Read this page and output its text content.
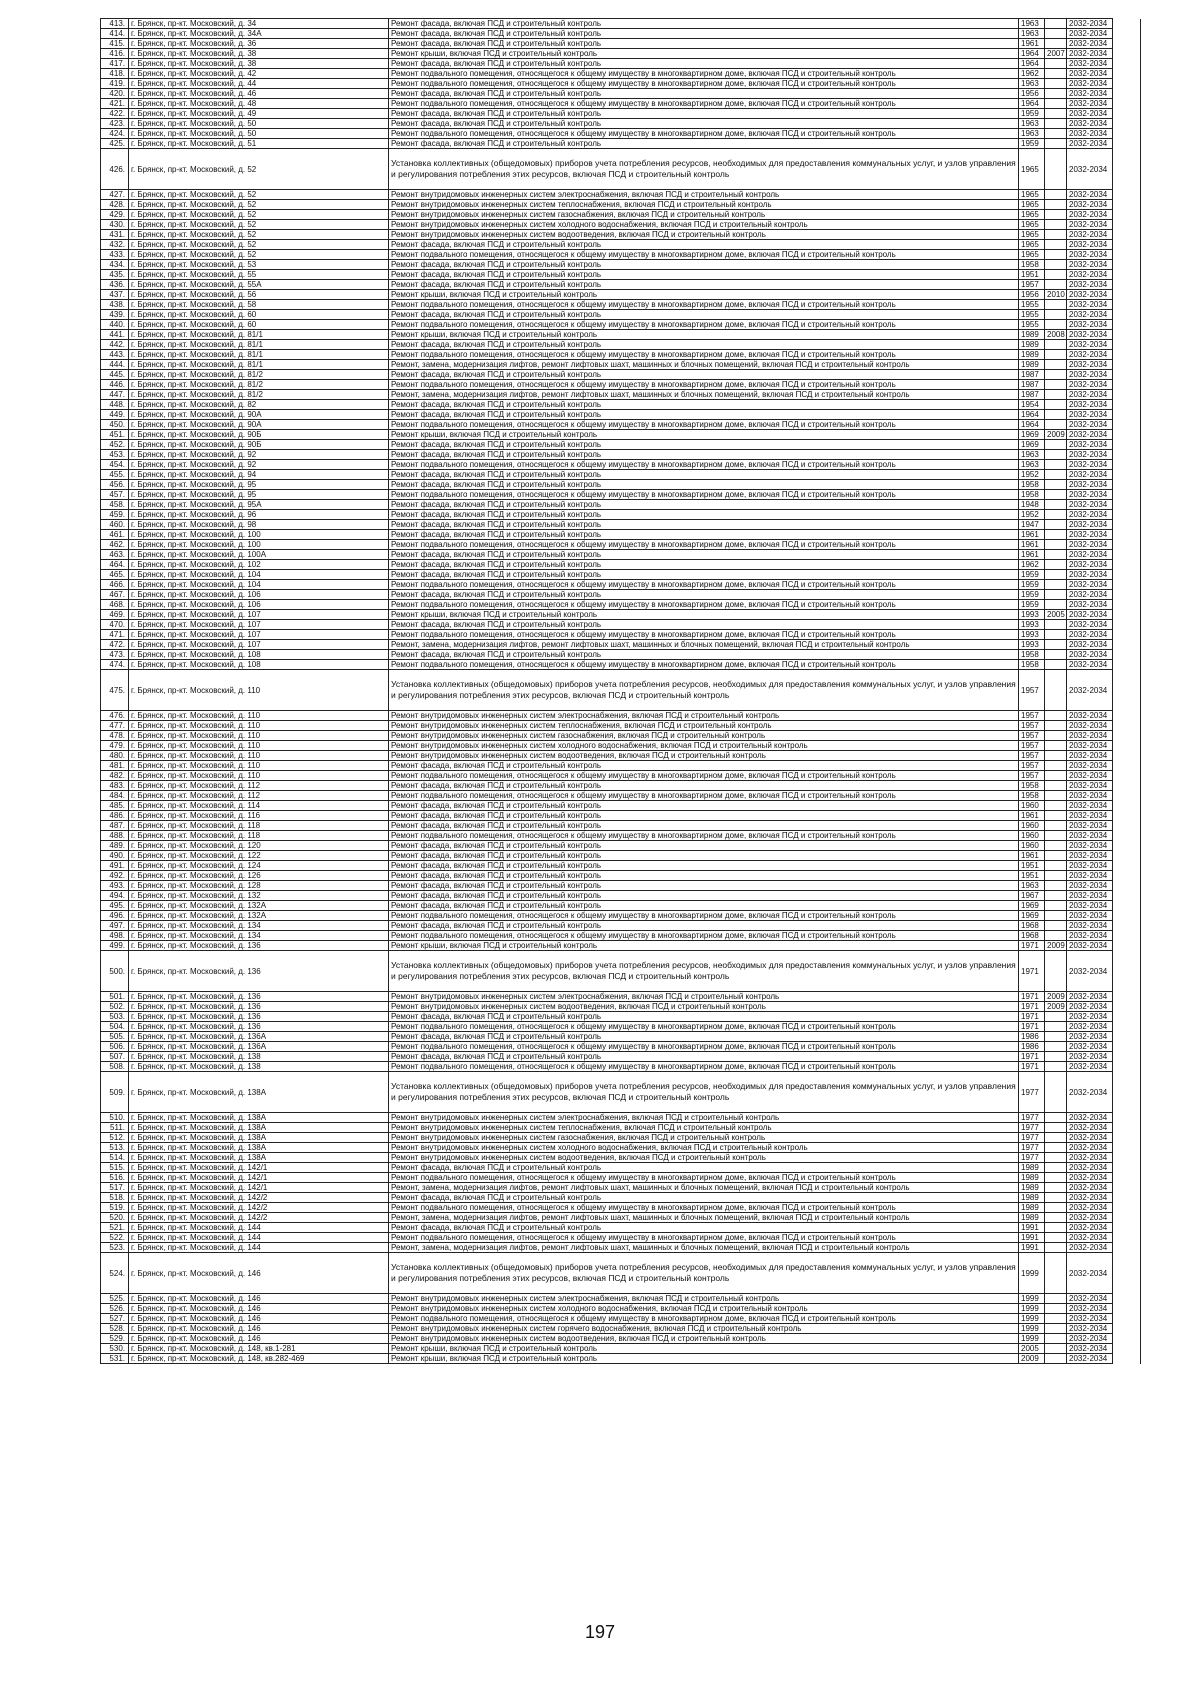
413.	г. Брянск, пр-кт. Московский, д. 34	Ремонт фасада, включая ПСД и строительный контроль	1963		2032-2034	
414.	г. Брянск, пр-кт. Московский, д. 34А	Ремонт фасада, включая ПСД и строительный контроль	1963		2032-2034	
415.	г. Брянск, пр-кт. Московский, д. 36	Ремонт фасада, включая ПСД и строительный контроль	1961		2032-2034	
416.	г. Брянск, пр-кт. Московский, д. 38	Ремонт крыши, включая ПСД и строительный контроль	1964	2007	2032-2034	
417.	г. Брянск, пр-кт. Московский, д. 38	Ремонт фасада, включая ПСД и строительный контроль	1964		2032-2034	
418.	г. Брянск, пр-кт. Московский, д. 42	Ремонт подвального помещения, относящегося к общему имуществу в многоквартирном доме, включая ПСД и строительный контроль	1962		2032-2034	
419.	г. Брянск, пр-кт. Московский, д. 44	Ремонт подвального помещения, относящегося к общему имуществу в многоквартирном доме, включая ПСД и строительный контроль	1963		2032-2034	
420.	г. Брянск, пр-кт. Московский, д. 46	Ремонт фасада, включая ПСД и строительный контроль	1956		2032-2034	
421.	г. Брянск, пр-кт. Московский, д. 48	Ремонт подвального помещения, относящегося к общему имуществу в многоквартирном доме, включая ПСД и строительный контроль	1964		2032-2034	
422.	г. Брянск, пр-кт. Московский, д. 49	Ремонт фасада, включая ПСД и строительный контроль	1959		2032-2034	
423.	г. Брянск, пр-кт. Московский, д. 50	Ремонт фасада, включая ПСД и строительный контроль	1963		2032-2034	
424.	г. Брянск, пр-кт. Московский, д. 50	Ремонт подвального помещения, относящегося к общему имуществу в многоквартирном доме, включая ПСД и строительный контроль	1963		2032-2034	
425.	г. Брянск, пр-кт. Московский, д. 51	Ремонт фасада, включая ПСД и строительный контроль	1959		2032-2034	
426.	г. Брянск, пр-кт. Московский, д. 52	Установка коллективных (общедомовых) приборов учета потребления ресурсов, необходимых для предоставления коммунальных услуг, и узлов управления и регулирования потребления этих ресурсов, включая ПСД и строительный контроль	1965		2032-2034	
427.	г. Брянск, пр-кт. Московский, д. 52	Ремонт внутридомовых инженерных систем электроснабжения, включая ПСД и строительный контроль	1965		2032-2034	
428.	г. Брянск, пр-кт. Московский, д. 52	Ремонт внутридомовых инженерных систем теплоснабжения, включая ПСД и строительный контроль	1965		2032-2034	
429.	г. Брянск, пр-кт. Московский, д. 52	Ремонт внутридомовых инженерных систем газоснабжения, включая ПСД и строительный контроль	1965		2032-2034	
430.	г. Брянск, пр-кт. Московский, д. 52	Ремонт внутридомовых инженерных систем холодного водоснабжения, включая ПСД и строительный контроль	1965		2032-2034	
431.	г. Брянск, пр-кт. Московский, д. 52	Ремонт внутридомовых инженерных систем водоотведения, включая ПСД и строительный контроль	1965		2032-2034	
432.	г. Брянск, пр-кт. Московский, д. 52	Ремонт фасада, включая ПСД и строительный контроль	1965		2032-2034	
433.	г. Брянск, пр-кт. Московский, д. 52	Ремонт подвального помещения, относящегося к общему имуществу в многоквартирном доме, включая ПСД и строительный контроль	1965		2032-2034	
434.	г. Брянск, пр-кт. Московский, д. 53	Ремонт фасада, включая ПСД и строительный контроль	1958		2032-2034	
435.	г. Брянск, пр-кт. Московский, д. 55	Ремонт фасада, включая ПСД и строительный контроль	1951		2032-2034	
436.	г. Брянск, пр-кт. Московский, д. 55А	Ремонт фасада, включая ПСД и строительный контроль	1957		2032-2034	
437.	г. Брянск, пр-кт. Московский, д. 56	Ремонт крыши, включая ПСД и строительный контроль	1956	2010	2032-2034	
438.	г. Брянск, пр-кт. Московский, д. 58	Ремонт подвального помещения, относящегося к общему имуществу в многоквартирном доме, включая ПСД и строительный контроль	1955		2032-2034	
439.	г. Брянск, пр-кт. Московский, д. 60	Ремонт фасада, включая ПСД и строительный контроль	1955		2032-2034	
440.	г. Брянск, пр-кт. Московский, д. 60	Ремонт подвального помещения, относящегося к общему имуществу в многоквартирном доме, включая ПСД и строительный контроль	1955		2032-2034	
441.	г. Брянск, пр-кт. Московский, д. 81/1	Ремонт крыши, включая ПСД и строительный контроль	1989	2008	2032-2034	
442.	г. Брянск, пр-кт. Московский, д. 81/1	Ремонт фасада, включая ПСД и строительный контроль	1989		2032-2034	
443.	г. Брянск, пр-кт. Московский, д. 81/1	Ремонт подвального помещения, относящегося к общему имуществу в многоквартирном доме, включая ПСД и строительный контроль	1989		2032-2034	
444.	г. Брянск, пр-кт. Московский, д. 81/1	Ремонт, замена, модернизация лифтов, ремонт лифтовых шахт, машинных и блочных помещений, включая ПСД и строительный контроль	1989		2032-2034	
445.	г. Брянск, пр-кт. Московский, д. 81/2	Ремонт фасада, включая ПСД и строительный контроль	1987		2032-2034	
446.	г. Брянск, пр-кт. Московский, д. 81/2	Ремонт подвального помещения, относящегося к общему имуществу в многоквартирном доме, включая ПСД и строительный контроль	1987		2032-2034	
447.	г. Брянск, пр-кт. Московский, д. 81/2	Ремонт, замена, модернизация лифтов, ремонт лифтовых шахт, машинных и блочных помещений, включая ПСД и строительный контроль	1987		2032-2034	
448.	г. Брянск, пр-кт. Московский, д. 82	Ремонт фасада, включая ПСД и строительный контроль	1954		2032-2034	
449.	г. Брянск, пр-кт. Московский, д. 90А	Ремонт фасада, включая ПСД и строительный контроль	1964		2032-2034	
450.	г. Брянск, пр-кт. Московский, д. 90А	Ремонт подвального помещения, относящегося к общему имуществу в многоквартирном доме, включая ПСД и строительный контроль	1964		2032-2034	
451.	г. Брянск, пр-кт. Московский, д. 90Б	Ремонт крыши, включая ПСД и строительный контроль	1969	2009	2032-2034	
452.	г. Брянск, пр-кт. Московский, д. 90Б	Ремонт фасада, включая ПСД и строительный контроль	1969		2032-2034	
453.	г. Брянск, пр-кт. Московский, д. 92	Ремонт фасада, включая ПСД и строительный контроль	1963		2032-2034	
454.	г. Брянск, пр-кт. Московский, д. 92	Ремонт подвального помещения, относящегося к общему имуществу в многоквартирном доме, включая ПСД и строительный контроль	1963		2032-2034	
455.	г. Брянск, пр-кт. Московский, д. 94	Ремонт фасада, включая ПСД и строительный контроль	1952		2032-2034	
456.	г. Брянск, пр-кт. Московский, д. 95	Ремонт фасада, включая ПСД и строительный контроль	1958		2032-2034	
457.	г. Брянск, пр-кт. Московский, д. 95	Ремонт подвального помещения, относящегося к общему имуществу в многоквартирном доме, включая ПСД и строительный контроль	1958		2032-2034	
458.	г. Брянск, пр-кт. Московский, д. 95А	Ремонт фасада, включая ПСД и строительный контроль	1948		2032-2034	
459.	г. Брянск, пр-кт. Московский, д. 96	Ремонт фасада, включая ПСД и строительный контроль	1952		2032-2034	
460.	г. Брянск, пр-кт. Московский, д. 98	Ремонт фасада, включая ПСД и строительный контроль	1947		2032-2034	
461.	г. Брянск, пр-кт. Московский, д. 100	Ремонт фасада, включая ПСД и строительный контроль	1961		2032-2034	
462.	г. Брянск, пр-кт. Московский, д. 100	Ремонт подвального помещения, относящегося к общему имуществу в многоквартирном доме, включая ПСД и строительный контроль	1961		2032-2034	
463.	г. Брянск, пр-кт. Московский, д. 100А	Ремонт фасада, включая ПСД и строительный контроль	1961		2032-2034	
464.	г. Брянск, пр-кт. Московский, д. 102	Ремонт фасада, включая ПСД и строительный контроль	1962		2032-2034	
465.	г. Брянск, пр-кт. Московский, д. 104	Ремонт фасада, включая ПСД и строительный контроль	1959		2032-2034	
466.	г. Брянск, пр-кт. Московский, д. 104	Ремонт подвального помещения, относящегося к общему имуществу в многоквартирном доме, включая ПСД и строительный контроль	1959		2032-2034	
467.	г. Брянск, пр-кт. Московский, д. 106	Ремонт фасада, включая ПСД и строительный контроль	1959		2032-2034	
468.	г. Брянск, пр-кт. Московский, д. 106	Ремонт подвального помещения, относящегося к общему имуществу в многоквартирном доме, включая ПСД и строительный контроль	1959		2032-2034	
469.	г. Брянск, пр-кт. Московский, д. 107	Ремонт крыши, включая ПСД и строительный контроль	1993	2005	2032-2034	
470.	г. Брянск, пр-кт. Московский, д. 107	Ремонт фасада, включая ПСД и строительный контроль	1993		2032-2034	
471.	г. Брянск, пр-кт. Московский, д. 107	Ремонт подвального помещения, относящегося к общему имуществу в многоквартирном доме, включая ПСД и строительный контроль	1993		2032-2034	
472.	г. Брянск, пр-кт. Московский, д. 107	Ремонт, замена, модернизация лифтов, ремонт лифтовых шахт, машинных и блочных помещений, включая ПСД и строительный контроль	1993		2032-2034	
473.	г. Брянск, пр-кт. Московский, д. 108	Ремонт фасада, включая ПСД и строительный контроль	1958		2032-2034	
474.	г. Брянск, пр-кт. Московский, д. 108	Ремонт подвального помещения, относящегося к общему имуществу в многоквартирном доме, включая ПСД и строительный контроль	1958		2032-2034	
475.	г. Брянск, пр-кт. Московский, д. 110	Установка коллективных (общедомовых) приборов учета потребления ресурсов, необходимых для предоставления коммунальных услуг, и узлов управления и регулирования потребления этих ресурсов, включая ПСД и строительный контроль	1957		2032-2034	
476.	г. Брянск, пр-кт. Московский, д. 110	Ремонт внутридомовых инженерных систем электроснабжения, включая ПСД и строительный контроль	1957		2032-2034	
477.	г. Брянск, пр-кт. Московский, д. 110	Ремонт внутридомовых инженерных систем теплоснабжения, включая ПСД и строительный контроль	1957		2032-2034	
478.	г. Брянск, пр-кт. Московский, д. 110	Ремонт внутридомовых инженерных систем газоснабжения, включая ПСД и строительный контроль	1957		2032-2034	
479.	г. Брянск, пр-кт. Московский, д. 110	Ремонт внутридомовых инженерных систем холодного водоснабжения, включая ПСД и строительный контроль	1957		2032-2034	
480.	г. Брянск, пр-кт. Московский, д. 110	Ремонт внутридомовых инженерных систем водоотведения, включая ПСД и строительный контроль	1957		2032-2034	
481.	г. Брянск, пр-кт. Московский, д. 110	Ремонт фасада, включая ПСД и строительный контроль	1957		2032-2034	
482.	г. Брянск, пр-кт. Московский, д. 110	Ремонт подвального помещения, относящегося к общему имуществу в многоквартирном доме, включая ПСД и строительный контроль	1957		2032-2034	
483.	г. Брянск, пр-кт. Московский, д. 112	Ремонт фасада, включая ПСД и строительный контроль	1958		2032-2034	
484.	г. Брянск, пр-кт. Московский, д. 112	Ремонт подвального помещения, относящегося к общему имуществу в многоквартирном доме, включая ПСД и строительный контроль	1958		2032-2034	
485.	г. Брянск, пр-кт. Московский, д. 114	Ремонт фасада, включая ПСД и строительный контроль	1960		2032-2034	
486.	г. Брянск, пр-кт. Московский, д. 116	Ремонт фасада, включая ПСД и строительный контроль	1961		2032-2034	
487.	г. Брянск, пр-кт. Московский, д. 118	Ремонт фасада, включая ПСД и строительный контроль	1960		2032-2034	
488.	г. Брянск, пр-кт. Московский, д. 118	Ремонт подвального помещения, относящегося к общему имуществу в многоквартирном доме, включая ПСД и строительный контроль	1960		2032-2034	
489.	г. Брянск, пр-кт. Московский, д. 120	Ремонт фасада, включая ПСД и строительный контроль	1960		2032-2034	
490.	г. Брянск, пр-кт. Московский, д. 122	Ремонт фасада, включая ПСД и строительный контроль	1961		2032-2034	
491.	г. Брянск, пр-кт. Московский, д. 124	Ремонт фасада, включая ПСД и строительный контроль	1951		2032-2034	
492.	г. Брянск, пр-кт. Московский, д. 126	Ремонт фасада, включая ПСД и строительный контроль	1951		2032-2034	
493.	г. Брянск, пр-кт. Московский, д. 128	Ремонт фасада, включая ПСД и строительный контроль	1963		2032-2034	
494.	г. Брянск, пр-кт. Московский, д. 132	Ремонт фасада, включая ПСД и строительный контроль	1967		2032-2034	
495.	г. Брянск, пр-кт. Московский, д. 132А	Ремонт фасада, включая ПСД и строительный контроль	1969		2032-2034	
496.	г. Брянск, пр-кт. Московский, д. 132А	Ремонт подвального помещения, относящегося к общему имуществу в многоквартирном доме, включая ПСД и строительный контроль	1969		2032-2034	
497.	г. Брянск, пр-кт. Московский, д. 134	Ремонт фасада, включая ПСД и строительный контроль	1968		2032-2034	
498.	г. Брянск, пр-кт. Московский, д. 134	Ремонт подвального помещения, относящегося к общему имуществу в многоквартирном доме, включая ПСД и строительный контроль	1968		2032-2034	
499.	г. Брянск, пр-кт. Московский, д. 136	Ремонт крыши, включая ПСД и строительный контроль	1971	2009	2032-2034	
500.	г. Брянск, пр-кт. Московский, д. 136	Установка коллективных (общедомовых) приборов учета потребления ресурсов, необходимых для предоставления коммунальных услуг, и узлов управления и регулирования потребления этих ресурсов, включая ПСД и строительный контроль	1971		2032-2034	
501.	г. Брянск, пр-кт. Московский, д. 136	Ремонт внутридомовых инженерных систем электроснабжения, включая ПСД и строительный контроль	1971	2009	2032-2034	
502.	г. Брянск, пр-кт. Московский, д. 136	Ремонт внутридомовых инженерных систем водоотведения, включая ПСД и строительный контроль	1971	2009	2032-2034	
503.	г. Брянск, пр-кт. Московский, д. 136	Ремонт фасада, включая ПСД и строительный контроль	1971		2032-2034	
504.	г. Брянск, пр-кт. Московский, д. 136	Ремонт подвального помещения, относящегося к общему имуществу в многоквартирном доме, включая ПСД и строительный контроль	1971		2032-2034	
505.	г. Брянск, пр-кт. Московский, д. 136А	Ремонт фасада, включая ПСД и строительный контроль	1986		2032-2034	
506.	г. Брянск, пр-кт. Московский, д. 136А	Ремонт подвального помещения, относящегося к общему имуществу в многоквартирном доме, включая ПСД и строительный контроль	1986		2032-2034	
507.	г. Брянск, пр-кт. Московский, д. 138	Ремонт фасада, включая ПСД и строительный контроль	1971		2032-2034	
508.	г. Брянск, пр-кт. Московский, д. 138	Ремонт подвального помещения, относящегося к общему имуществу в многоквартирном доме, включая ПСД и строительный контроль	1971		2032-2034	
509.	г. Брянск, пр-кт. Московский, д. 138А	Установка коллективных (общедомовых) приборов учета потребления ресурсов, необходимых для предоставления коммунальных услуг, и узлов управления и регулирования потребления этих ресурсов, включая ПСД и строительный контроль	1977		2032-2034	
510.	г. Брянск, пр-кт. Московский, д. 138А	Ремонт внутридомовых инженерных систем электроснабжения, включая ПСД и строительный контроль	1977		2032-2034	
511.	г. Брянск, пр-кт. Московский, д. 138А	Ремонт внутридомовых инженерных систем теплоснабжения, включая ПСД и строительный контроль	1977		2032-2034	
512.	г. Брянск, пр-кт. Московский, д. 138А	Ремонт внутридомовых инженерных систем газоснабжения, включая ПСД и строительный контроль	1977		2032-2034	
513.	г. Брянск, пр-кт. Московский, д. 138А	Ремонт внутридомовых инженерных систем холодного водоснабжения, включая ПСД и строительный контроль	1977		2032-2034	
514.	г. Брянск, пр-кт. Московский, д. 138А	Ремонт внутридомовых инженерных систем водоотведения, включая ПСД и строительный контроль	1977		2032-2034	
515.	г. Брянск, пр-кт. Московский, д. 142/1	Ремонт фасада, включая ПСД и строительный контроль	1989		2032-2034	
516.	г. Брянск, пр-кт. Московский, д. 142/1	Ремонт подвального помещения, относящегося к общему имуществу в многоквартирном доме, включая ПСД и строительный контроль	1989		2032-2034	
517.	г. Брянск, пр-кт. Московский, д. 142/1	Ремонт, замена, модернизация лифтов, ремонт лифтовых шахт, машинных и блочных помещений, включая ПСД и строительный контроль	1989		2032-2034	
518.	г. Брянск, пр-кт. Московский, д. 142/2	Ремонт фасада, включая ПСД и строительный контроль	1989		2032-2034	
519.	г. Брянск, пр-кт. Московский, д. 142/2	Ремонт подвального помещения, относящегося к общему имуществу в многоквартирном доме, включая ПСД и строительный контроль	1989		2032-2034	
520.	г. Брянск, пр-кт. Московский, д. 142/2	Ремонт, замена, модернизация лифтов, ремонт лифтовых шахт, машинных и блочных помещений, включая ПСД и строительный контроль	1989		2032-2034	
521.	г. Брянск, пр-кт. Московский, д. 144	Ремонт фасада, включая ПСД и строительный контроль	1991		2032-2034	
522.	г. Брянск, пр-кт. Московский, д. 144	Ремонт подвального помещения, относящегося к общему имуществу в многоквартирном доме, включая ПСД и строительный контроль	1991		2032-2034	
523.	г. Брянск, пр-кт. Московский, д. 144	Ремонт, замена, модернизация лифтов, ремонт лифтовых шахт, машинных и блочных помещений, включая ПСД и строительный контроль	1991		2032-2034	
524.	г. Брянск, пр-кт. Московский, д. 146	Установка коллективных (общедомовых) приборов учета потребления ресурсов, необходимых для предоставления коммунальных услуг, и узлов управления и регулирования потребления этих ресурсов, включая ПСД и строительный контроль	1999		2032-2034	
525.	г. Брянск, пр-кт. Московский, д. 146	Ремонт внутридомовых инженерных систем электроснабжения, включая ПСД и строительный контроль	1999		2032-2034	
526.	г. Брянск, пр-кт. Московский, д. 146	Ремонт внутридомовых инженерных систем холодного водоснабжения, включая ПСД и строительный контроль	1999		2032-2034	
527.	г. Брянск, пр-кт. Московский, д. 146	Ремонт подвального помещения, относящегося к общему имуществу в многоквартирном доме, включая ПСД и строительный контроль	1999		2032-2034	
528.	г. Брянск, пр-кт. Московский, д. 146	Ремонт внутридомовых инженерных систем горячего водоснабжения, включая ПСД и строительный контроль	1999		2032-2034	
529.	г. Брянск, пр-кт. Московский, д. 146	Ремонт внутридомовых инженерных систем водоотведения, включая ПСД и строительный контроль	1999		2032-2034	
530.	г. Брянск, пр-кт. Московский, д. 148, кв.1-281	Ремонт крыши, включая ПСД и строительный контроль	2005		2032-2034	
531.	г. Брянск, пр-кт. Московский, д. 148, кв.282-469	Ремонт крыши, включая ПСД и строительный контроль	2009		2032-2034	
197
